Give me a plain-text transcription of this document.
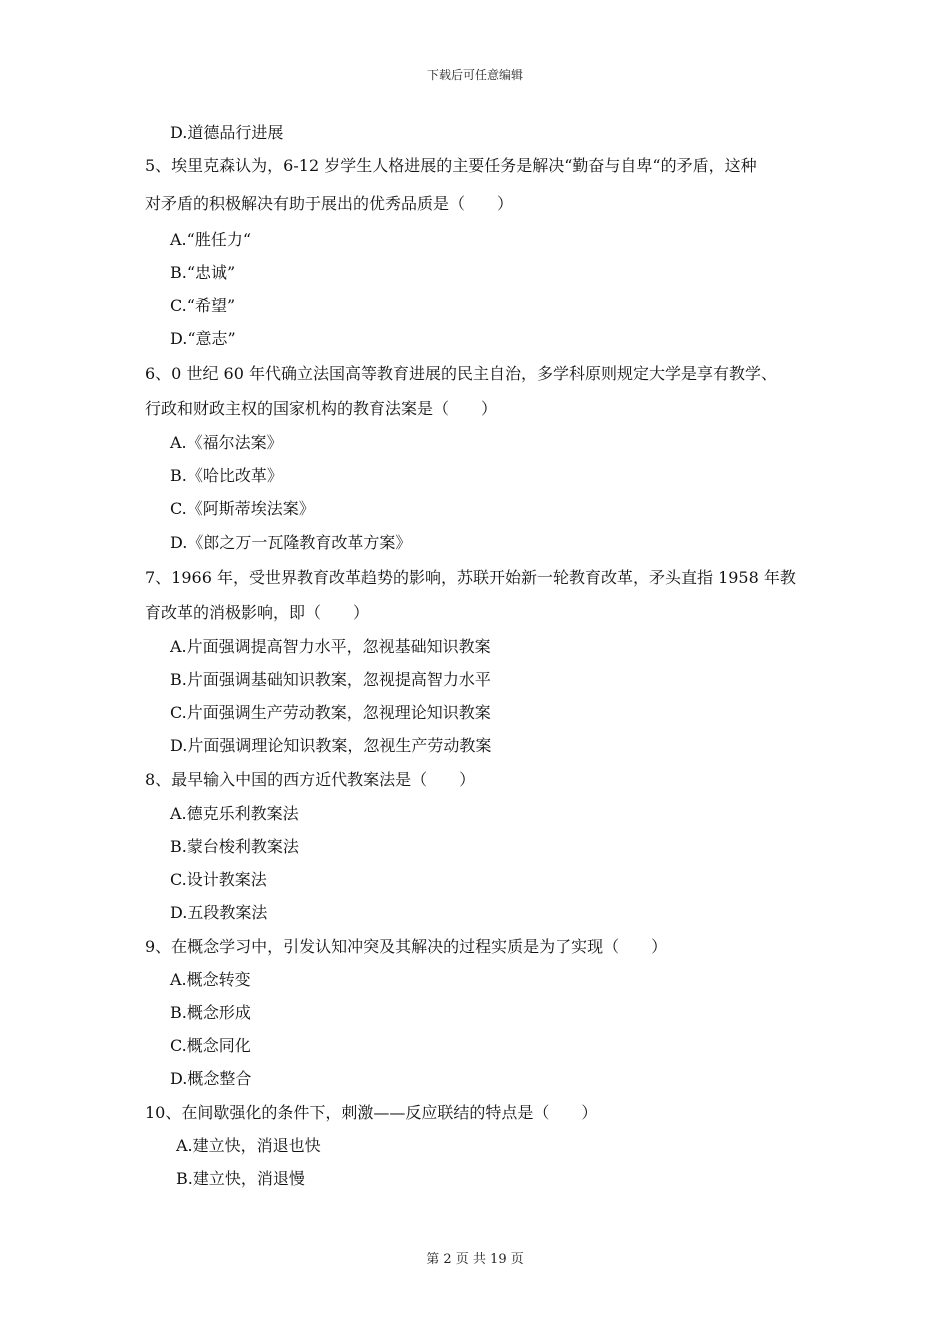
下载后可任意编辑
D.道德品行进展
5、埃里克森认为，6-12 岁学生人格进展的主要任务是解决“勤奋与自卑“的矛盾，这种
对矛盾的积极解决有助于展出的优秀品质是（　　）
A.“胜任力“
B.“忠诚”
C.“希望”
D.“意志”
6、0 世纪 60 年代确立法国高等教育进展的民主自治，多学科原则规定大学是享有教学、
行政和财政主权的国家机构的教育法案是（　　）
A.《福尔法案》
B.《哈比改革》
C.《阿斯蒂埃法案》
D.《郎之万一瓦隆教育改革方案》
7、1966 年，受世界教育改革趋势的影响，苏联开始新一轮教育改革，矛头直指 1958 年教
育改革的消极影响，即（　　）
A.片面强调提高智力水平，忽视基础知识教案
B.片面强调基础知识教案，忽视提高智力水平
C.片面强调生产劳动教案，忽视理论知识教案
D.片面强调理论知识教案，忽视生产劳动教案
8、最早输入中国的西方近代教案法是（　　）
A.德克乐利教案法
B.蒙台梭利教案法
C.设计教案法
D.五段教案法
9、在概念学习中，引发认知冲突及其解决的过程实质是为了实现（　　）
A.概念转变
B.概念形成
C.概念同化
D.概念整合
10、在间歇强化的条件下，刺激——反应联结的特点是（　　）
A.建立快，消退也快
B.建立快，消退慢
第 2 页 共 19 页
